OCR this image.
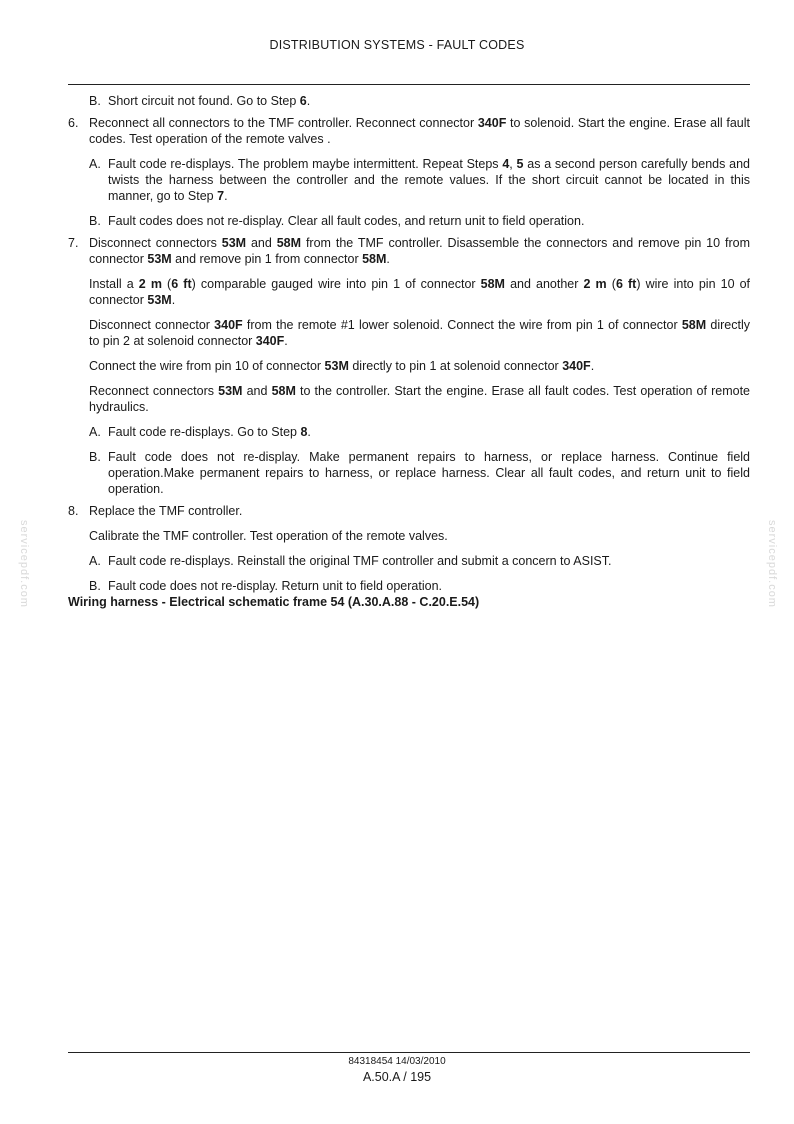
DISTRIBUTION SYSTEMS - FAULT CODES
servicepdf.com	servicepdf.com
B. Short circuit not found. Go to Step 6.
6. Reconnect all connectors to the TMF controller. Reconnect connector 340F to solenoid. Start the engine. Erase all fault codes. Test operation of the remote valves .
A. Fault code re-displays. The problem maybe intermittent. Repeat Steps 4, 5 as a second person carefully bends and twists the harness between the controller and the remote values. If the short circuit cannot be located in this manner, go to Step 7.
B. Fault codes does not re-display. Clear all fault codes, and return unit to field operation.
7. Disconnect connectors 53M and 58M from the TMF controller. Disassemble the connectors and remove pin 10 from connector 53M and remove pin 1 from connector 58M.
Install a 2 m (6 ft) comparable gauged wire into pin 1 of connector 58M and another 2 m (6 ft) wire into pin 10 of connector 53M.
Disconnect connector 340F from the remote #1 lower solenoid. Connect the wire from pin 1 of connector 58M directly to pin 2 at solenoid connector 340F.
Connect the wire from pin 10 of connector 53M directly to pin 1 at solenoid connector 340F.
Reconnect connectors 53M and 58M to the controller. Start the engine. Erase all fault codes. Test operation of remote hydraulics.
A. Fault code re-displays. Go to Step 8.
B. Fault code does not re-display. Make permanent repairs to harness, or replace harness. Continue field operation.Make permanent repairs to harness, or replace harness. Clear all fault codes, and return unit to field operation.
8. Replace the TMF controller.
Calibrate the TMF controller. Test operation of the remote valves.
A. Fault code re-displays. Reinstall the original TMF controller and submit a concern to ASIST.
B. Fault code does not re-display. Return unit to field operation.
Wiring harness - Electrical schematic frame 54 (A.30.A.88 - C.20.E.54)
84318454 14/03/2010
A.50.A / 195
